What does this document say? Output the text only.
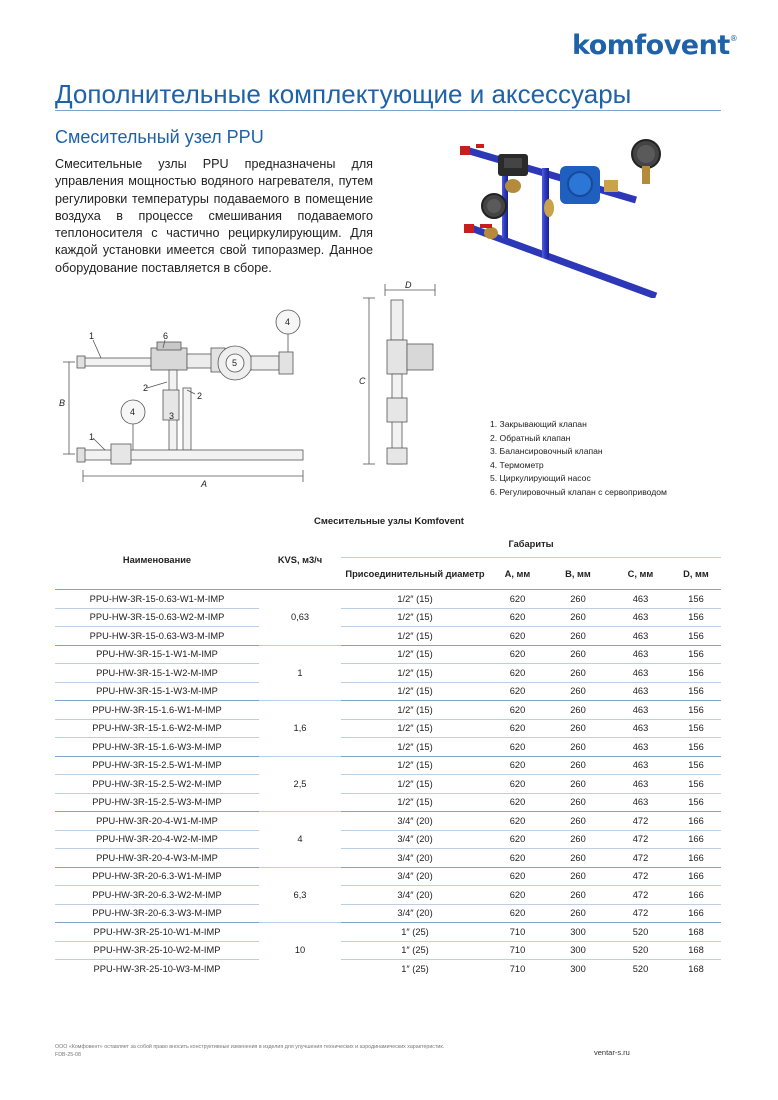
komfovent®
Дополнительные комплектующие и аксессуары
Смесительный узел PPU
Смесительные узлы PPU предназначены для управления мощностью водяного нагревателя, путем регулировки температуры подаваемого в помещение воздуха в процессе смешивания подаваемого теплоносителя с частично рециркулирующим. Для каждой установки имеется свой типоразмер. Данное оборудование поставляется в сборе.
1	6
4
5
2
2
3
4
1
A
B
C
D
1. Закрывающий клапан
2. Обратный клапан
3. Балансировочный клапан
4. Термометр
5. Циркулирующий насос
6. Регулировочный клапан с сервоприводом
Смесительные узлы Komfovent
Наименование	KVS, м3/ч	Габариты				
		Присоединительный диаметр	A, мм	B, мм	C, мм	D, мм
PPU-HW-3R-15-0.63-W1-M-IMP	0,63	1/2″ (15)	620	260	463	156
PPU-HW-3R-15-0.63-W2-M-IMP		1/2″ (15)	620	260	463	156
PPU-HW-3R-15-0.63-W3-M-IMP		1/2″ (15)	620	260	463	156
PPU-HW-3R-15-1-W1-M-IMP	1	1/2″ (15)	620	260	463	156
PPU-HW-3R-15-1-W2-M-IMP		1/2″ (15)	620	260	463	156
PPU-HW-3R-15-1-W3-M-IMP		1/2″ (15)	620	260	463	156
PPU-HW-3R-15-1.6-W1-M-IMP	1,6	1/2″ (15)	620	260	463	156
PPU-HW-3R-15-1.6-W2-M-IMP		1/2″ (15)	620	260	463	156
PPU-HW-3R-15-1.6-W3-M-IMP		1/2″ (15)	620	260	463	156
PPU-HW-3R-15-2.5-W1-M-IMP	2,5	1/2″ (15)	620	260	463	156
PPU-HW-3R-15-2.5-W2-M-IMP		1/2″ (15)	620	260	463	156
PPU-HW-3R-15-2.5-W3-M-IMP		1/2″ (15)	620	260	463	156
PPU-HW-3R-20-4-W1-M-IMP	4	3/4″ (20)	620	260	472	166
PPU-HW-3R-20-4-W2-M-IMP		3/4″ (20)	620	260	472	166
PPU-HW-3R-20-4-W3-M-IMP		3/4″ (20)	620	260	472	166
PPU-HW-3R-20-6.3-W1-M-IMP	6,3	3/4″ (20)	620	260	472	166
PPU-HW-3R-20-6.3-W2-M-IMP		3/4″ (20)	620	260	472	166
PPU-HW-3R-20-6.3-W3-M-IMP		3/4″ (20)	620	260	472	166
PPU-HW-3R-25-10-W1-M-IMP	10	1″ (25)	710	300	520	168
PPU-HW-3R-25-10-W2-M-IMP		1″ (25)	710	300	520	168
PPU-HW-3R-25-10-W3-M-IMP		1″ (25)	710	300	520	168
ООО «Комфовент» оставляет за собой право вносить конструктивные изменения в изделия для улучшения технических и аэродинамических характеристик.
FDB-25-08	ventar-s.ru
